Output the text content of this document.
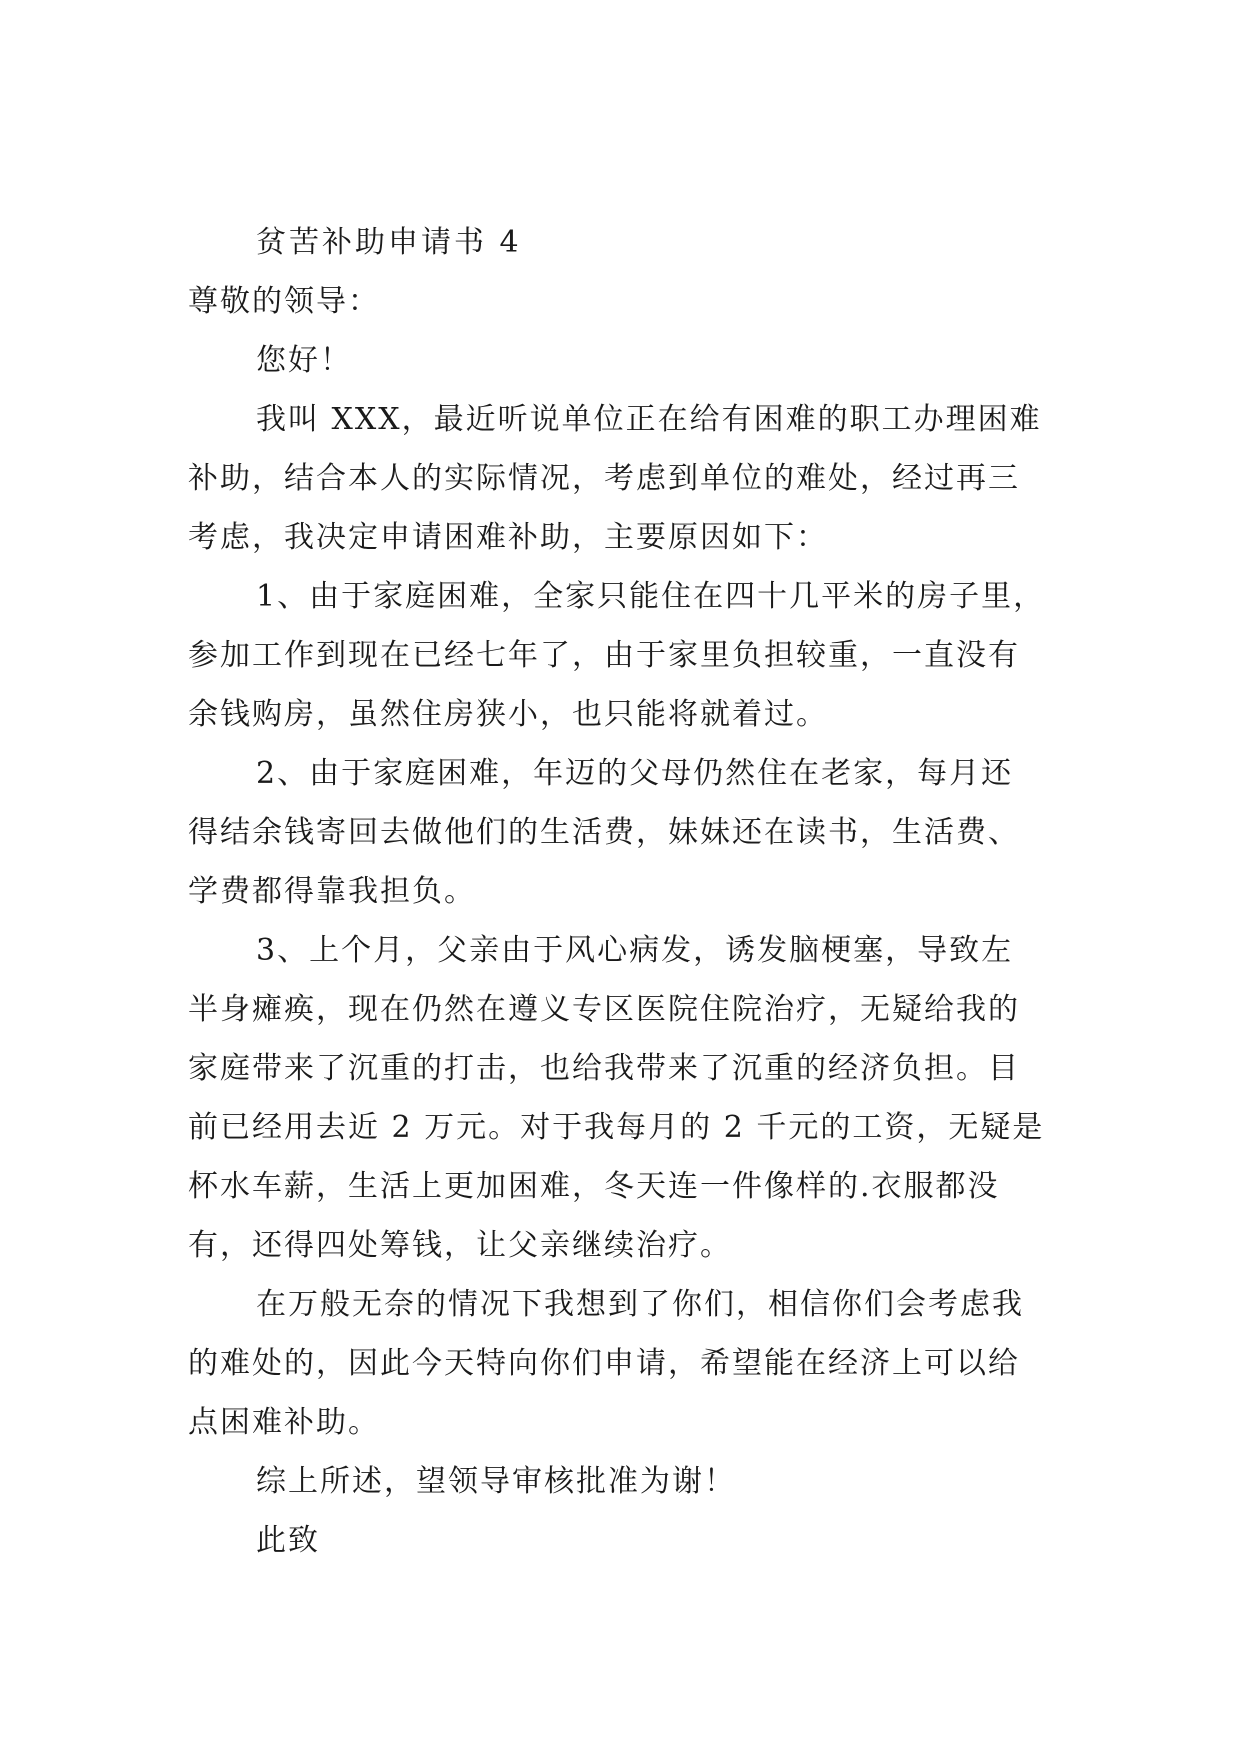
贫苦补助申请书 4
尊敬的领导：
您好！
我叫 XXX，最近听说单位正在给有困难的职工办理困难
补助，结合本人的实际情况，考虑到单位的难处，经过再三
考虑，我决定申请困难补助，主要原因如下：
1、由于家庭困难，全家只能住在四十几平米的房子里，
参加工作到现在已经七年了，由于家里负担较重，一直没有
余钱购房，虽然住房狭小，也只能将就着过。
2、由于家庭困难，年迈的父母仍然住在老家，每月还
得结余钱寄回去做他们的生活费，妹妹还在读书，生活费、
学费都得靠我担负。
3、上个月，父亲由于风心病发，诱发脑梗塞，导致左
半身瘫痪，现在仍然在遵义专区医院住院治疗，无疑给我的
家庭带来了沉重的打击，也给我带来了沉重的经济负担。目
前已经用去近 2 万元。对于我每月的 2 千元的工资，无疑是
杯水车薪，生活上更加困难，冬天连一件像样的.衣服都没
有，还得四处筹钱，让父亲继续治疗。
在万般无奈的情况下我想到了你们，相信你们会考虑我
的难处的，因此今天特向你们申请，希望能在经济上可以给
点困难补助。
综上所述，望领导审核批准为谢！
此致
